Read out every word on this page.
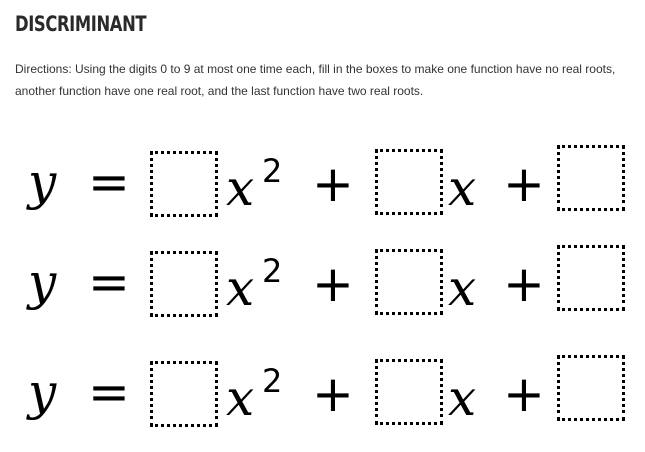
DISCRIMINANT
Directions: Using the digits 0 to 9 at most one time each, fill in the boxes to make one function have no real roots, another function have one real root, and the last function have two real roots.
y = x 2 + x +
y = x 2 + x +
y = x 2 + x +
